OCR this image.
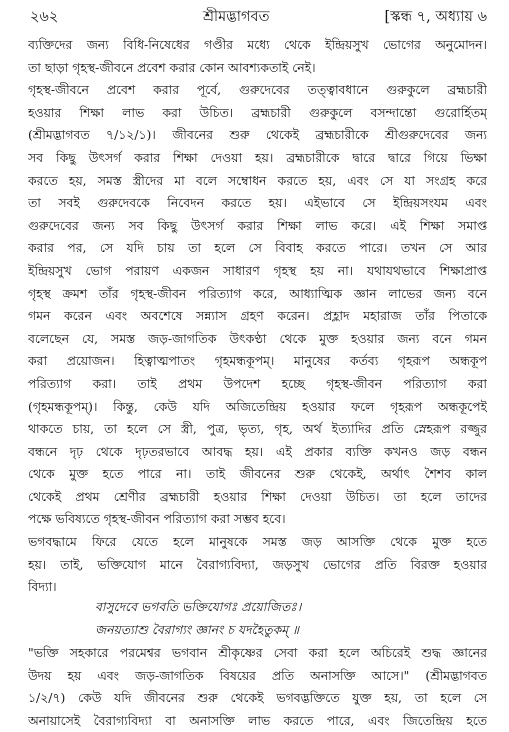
২৬২	শ্রীমদ্ভাগবত	[স্কন্ধ ৭, অধ্যায় ৬
ব্যক্তিদের জন্য বিধি-নিষেধের গণ্ডীর মধ্যে থেকে ইন্দ্রিয়সুখ ভোগের অনুমোদন।
তা ছাড়া গৃহস্থ-জীবনে প্রবেশ করার কোন আবশ্যকতাই নেই।
গৃহস্থ-জীবনে প্রবেশ করার পূর্বে, গুরুদেবের তত্ত্বাবধানে গুরুকুলে ব্রহ্মচারী
হওয়ার শিক্ষা লাভ করা উচিত। ব্রহ্মচারী গুরুকুলে বসন্দান্তো গুরোর্হিতম্
(শ্রীমদ্ভাগবত ৭/১২/১)। জীবনের শুরু থেকেই ব্রহ্মচারীকে শ্রীগুরুদেবের জন্য
সব কিছু উৎসর্গ করার শিক্ষা দেওয়া হয়। ব্রহ্মচারীকে দ্বারে দ্বারে গিয়ে ভিক্ষা
করতে হয়, সমস্ত স্ত্রীদের মা বলে সম্বোধন করতে হয়, এবং সে যা সংগ্রহ করে
তা সবই গুরুদেবকে নিবেদন করতে হয়। এইভাবে সে ইন্দ্রিয়সংযম এবং
গুরুদেবের জন্য সব কিছু উৎসর্গ করার শিক্ষা লাভ করে। এই শিক্ষা সমাপ্ত
করার পর, সে যদি চায় তা হলে সে বিবাহ করতে পারে। তখন সে আর
ইন্দ্রিয়সুখ ভোগ পরায়ণ একজন সাধারণ গৃহস্থ হয় না। যথাযথভাবে শিক্ষাপ্রাপ্ত
গৃহস্থ ক্রমশ তাঁর গৃহস্থ-জীবন পরিত্যাগ করে, আধ্যাত্মিক জ্ঞান লাভের জন্য বনে
গমন করেন এবং অবশেষে সন্ন্যাস গ্রহণ করেন। প্রহ্লাদ মহারাজ তাঁর পিতাকে
বলেছেন যে, সমস্ত জড়-জাগতিক উৎকণ্ঠা থেকে মুক্ত হওয়ার জন্য বনে গমন
করা প্রয়োজন। হিত্বাত্মপাতং গৃহমন্ধকূপম্। মানুষের কর্তব্য গৃহরূপ অন্ধকূপ
পরিত্যাগ করা। তাই প্রথম উপদেশ হচ্ছে গৃহস্থ-জীবন পরিত্যাগ করা
(গৃহমন্ধকূপম্)। কিন্তু, কেউ যদি অজিতেন্দ্রিয় হওয়ার ফলে গৃহরূপ অন্ধকূপেই
থাকতে চায়, তা হলে সে স্ত্রী, পুত্র, ভৃত্য, গৃহ, অর্থ ইত্যাদির প্রতি স্নেহরূপ রজ্জুর
বন্ধনে দৃঢ় থেকে দৃঢ়তরভাবে আবদ্ধ হয়। এই প্রকার ব্যক্তি কখনও জড় বন্ধন
থেকে মুক্ত হতে পারে না। তাই জীবনের শুরু থেকেই, অর্থাৎ শৈশব কাল
থেকেই প্রথম শ্রেণীর ব্রহ্মচারী হওয়ার শিক্ষা দেওয়া উচিত। তা হলে তাদের
পক্ষে ভবিষ্যতে গৃহস্থ-জীবন পরিত্যাগ করা সম্ভব হবে।
ভগবদ্ধামে ফিরে যেতে হলে মানুষকে সমস্ত জড় আসক্তি থেকে মুক্ত হতে
হয়। তাই, ভক্তিযোগ মানে বৈরাগ্যবিদ্যা, জড়সুখ ভোগের প্রতি বিরক্ত হওয়ার
বিদ্যা।
বাসুদেবে ভগবতি ভক্তিযোগঃ প্রয়োজিতঃ।
জনয়ত্যাশু বৈরাগ্যং জ্ঞানং চ যদহৈতুকম্ ॥
"ভক্তি সহকারে পরমেশ্বর ভগবান শ্রীকৃষ্ণের সেবা করা হলে অচিরেই শুদ্ধ জ্ঞানের
উদয় হয় এবং জড়-জাগতিক বিষয়ের প্রতি অনাসক্তি আসে।" (শ্রীমদ্ভাগবত
১/২/৭) কেউ যদি জীবনের শুরু থেকেই ভগবদ্ভক্তিতে যুক্ত হয়, তা হলে সে
অনায়াসেই বৈরাগ্যবিদ্যা বা অনাসক্তি লাভ করতে পারে, এবং জিতেন্দ্রিয় হতে
